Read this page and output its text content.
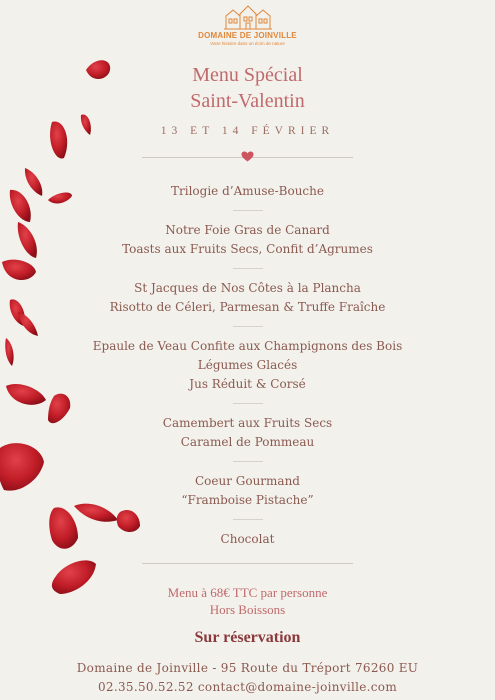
DOMAINE DE JOINVILLE
Votre histoire dans un écrin de nature
Menu Spécial
Saint-Valentin
13 ET 14 FÉVRIER
Trilogie d’Amuse-Bouche
Notre Foie Gras de Canard
Toasts aux Fruits Secs, Confit d’Agrumes
St Jacques de Nos Côtes à la Plancha
Risotto de Céleri, Parmesan & Truffe Fraîche
Epaule de Veau Confite aux Champignons des Bois
Légumes Glacés
Jus Réduit & Corsé
Camembert aux Fruits Secs
Caramel de Pommeau
Coeur Gourmand
“Framboise Pistache”
Chocolat
Menu à 68€ TTC par personne
Hors Boissons
Sur réservation
Domaine de Joinville - 95 Route du Tréport 76260 EU
02.35.50.52.52 contact@domaine-joinville.com
